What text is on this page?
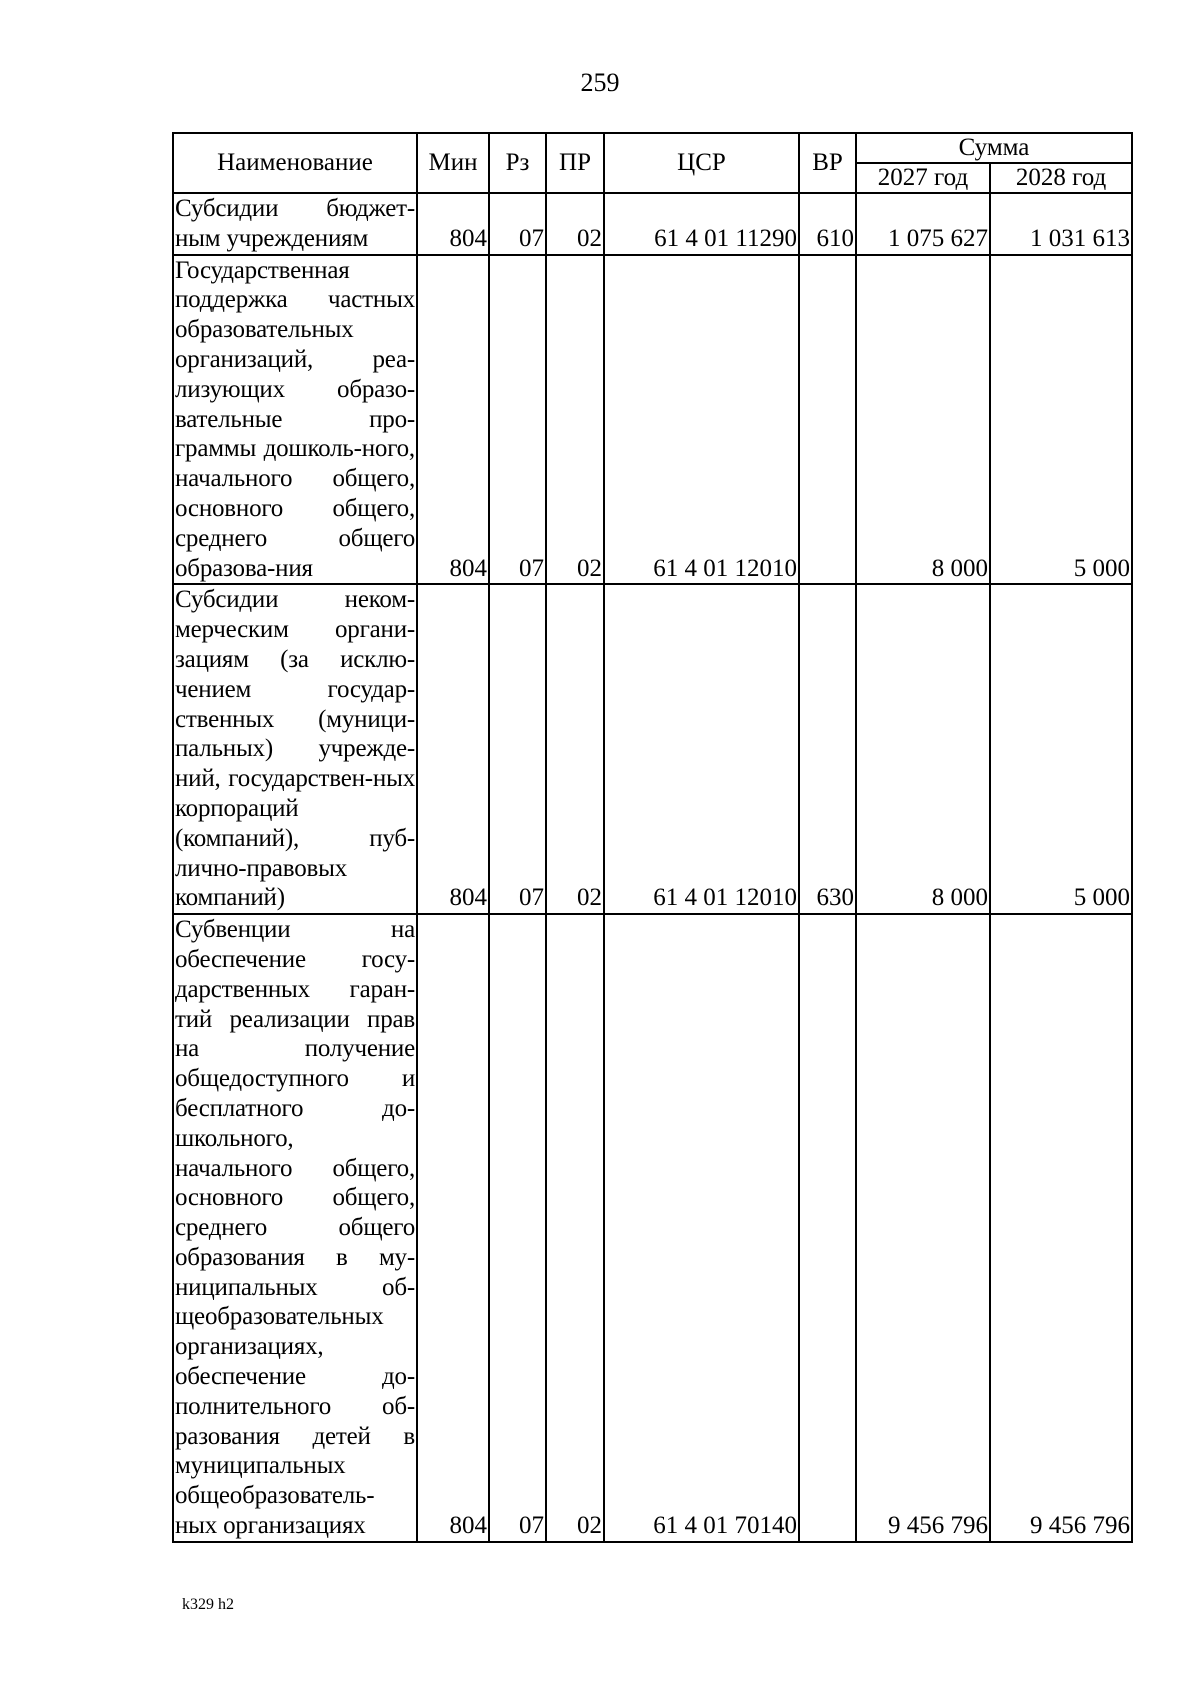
259
Наименование	Мин	Рз	ПР	ЦСР	ВР	Сумма	
						2027 год	2028 год
Субсидии бюджет-ным учреждениям	804	07	02	61 4 01 11290	610	1 075 627	1 031 613
Государственная поддержка частных образовательных организаций, реа-лизующих образо-вательные про-граммы дошколь-ного, начального общего, основного общего, среднего общего образова-ния	804	07	02	61 4 01 12010		8 000	5 000
Субсидии неком-мерческим органи-зациям (за исклю-чением государ-ственных (муници-пальных) учрежде-ний, государствен-ных корпораций (компаний), пуб-лично-правовых компаний)	804	07	02	61 4 01 12010	630	8 000	5 000
Субвенции на обеспечение госу-дарственных гаран-тий реализации прав на получение общедоступного и бесплатного до-школьного, начального общего, основного общего, среднего общего образования в му-ниципальных об-щеобразовательных организациях, обеспечение до-полнительного об-разования детей в муниципальных общеобразователь-ных организациях	804	07	02	61 4 01 70140		9 456 796	9 456 796
k329 h2
